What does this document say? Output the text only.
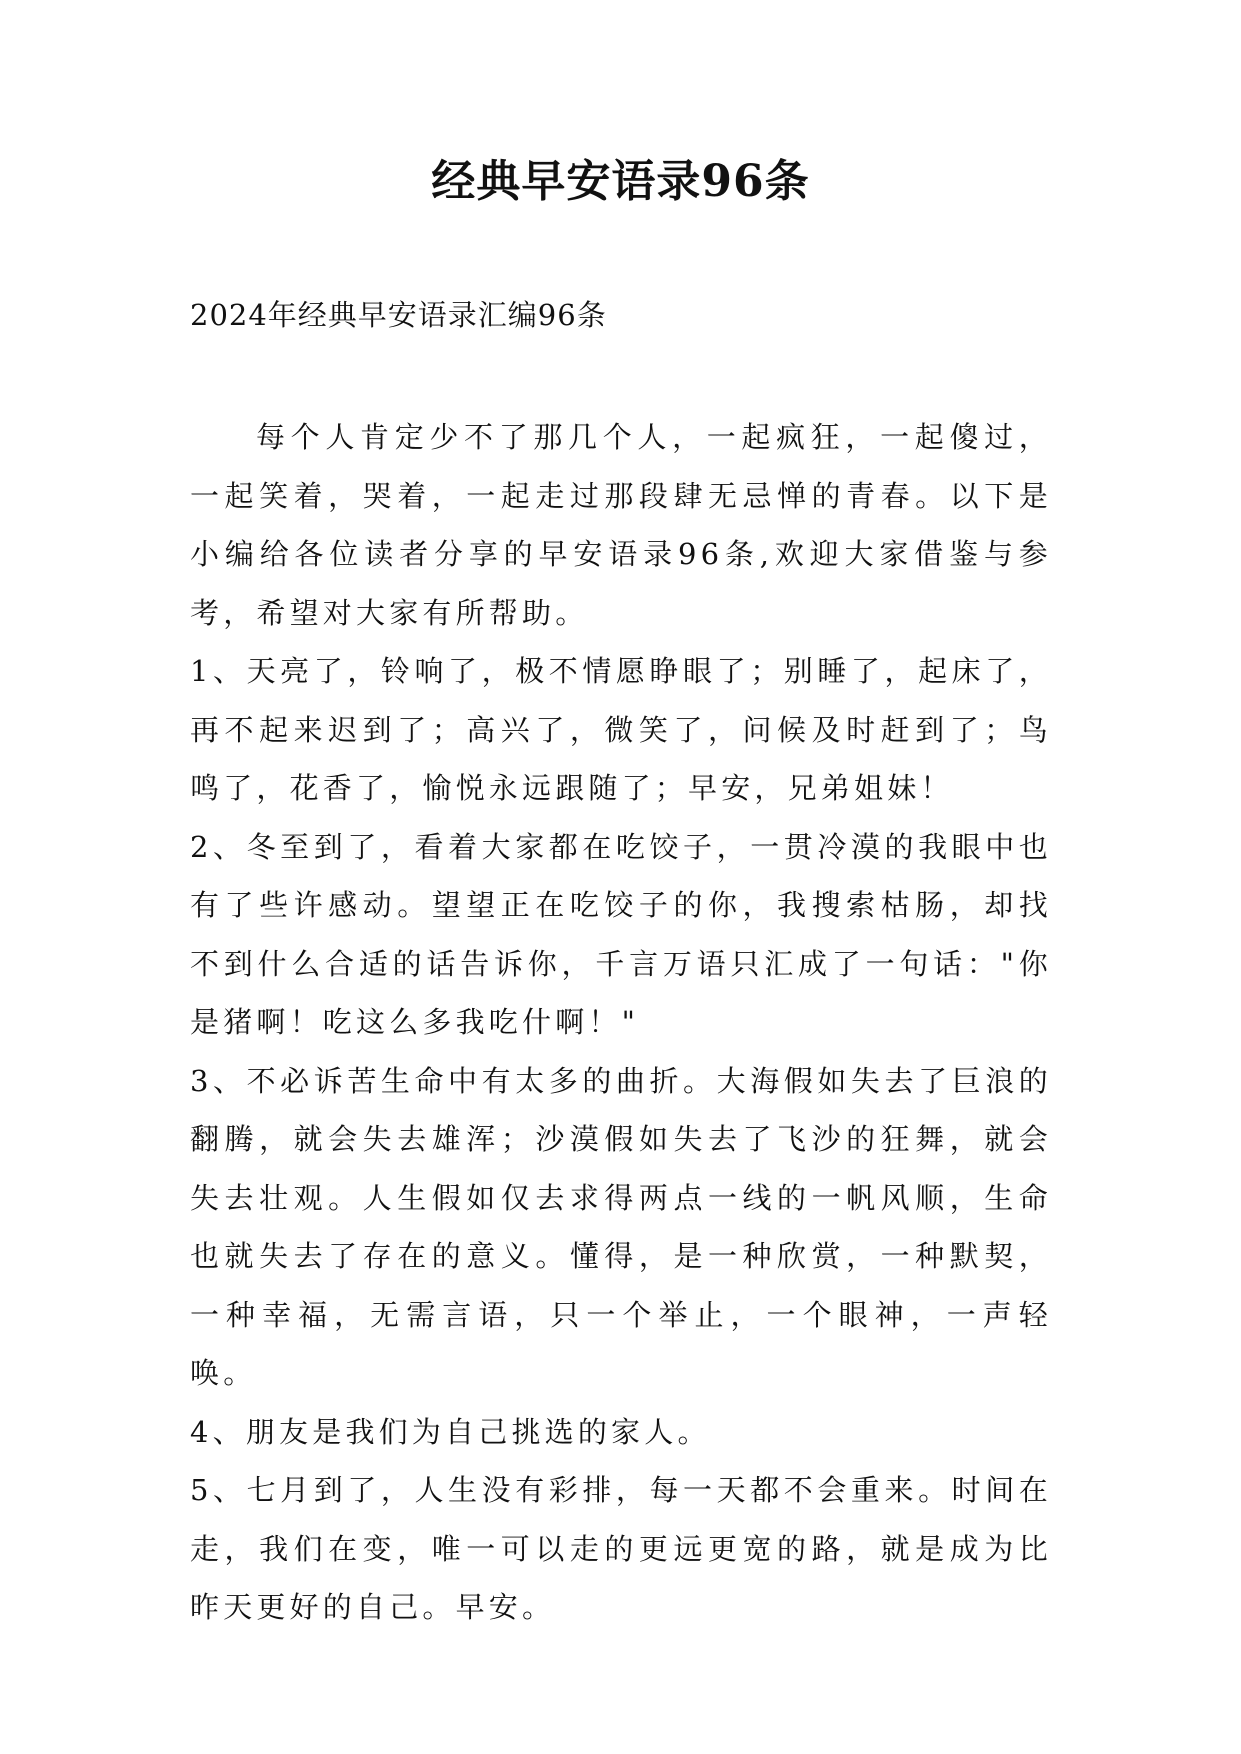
经典早安语录96条
2024年经典早安语录汇编96条

每个人肯定少不了那几个人，一起疯狂，一起傻过，一起笑着，哭着，一起走过那段肆无忌惮的青春。以下是小编给各位读者分享的早安语录96条,欢迎大家借鉴与参考，希望对大家有所帮助。

1、天亮了，铃响了，极不情愿睁眼了；别睡了，起床了，再不起来迟到了；高兴了，微笑了，问候及时赶到了；鸟鸣了，花香了，愉悦永远跟随了；早安，兄弟姐妹！

2、冬至到了，看着大家都在吃饺子，一贯冷漠的我眼中也有了些许感动。望望正在吃饺子的你，我搜索枯肠，却找不到什么合适的话告诉你，千言万语只汇成了一句话："你是猪啊！吃这么多我吃什啊！"

3、不必诉苦生命中有太多的曲折。大海假如失去了巨浪的翻腾，就会失去雄浑；沙漠假如失去了飞沙的狂舞，就会失去壮观。人生假如仅去求得两点一线的一帆风顺，生命也就失去了存在的意义。懂得，是一种欣赏，一种默契，一种幸福，无需言语，只一个举止，一个眼神，一声轻唤。

4、朋友是我们为自己挑选的家人。

5、七月到了，人生没有彩排，每一天都不会重来。时间在走，我们在变，唯一可以走的更远更宽的路，就是成为比昨天更好的自己。早安。
